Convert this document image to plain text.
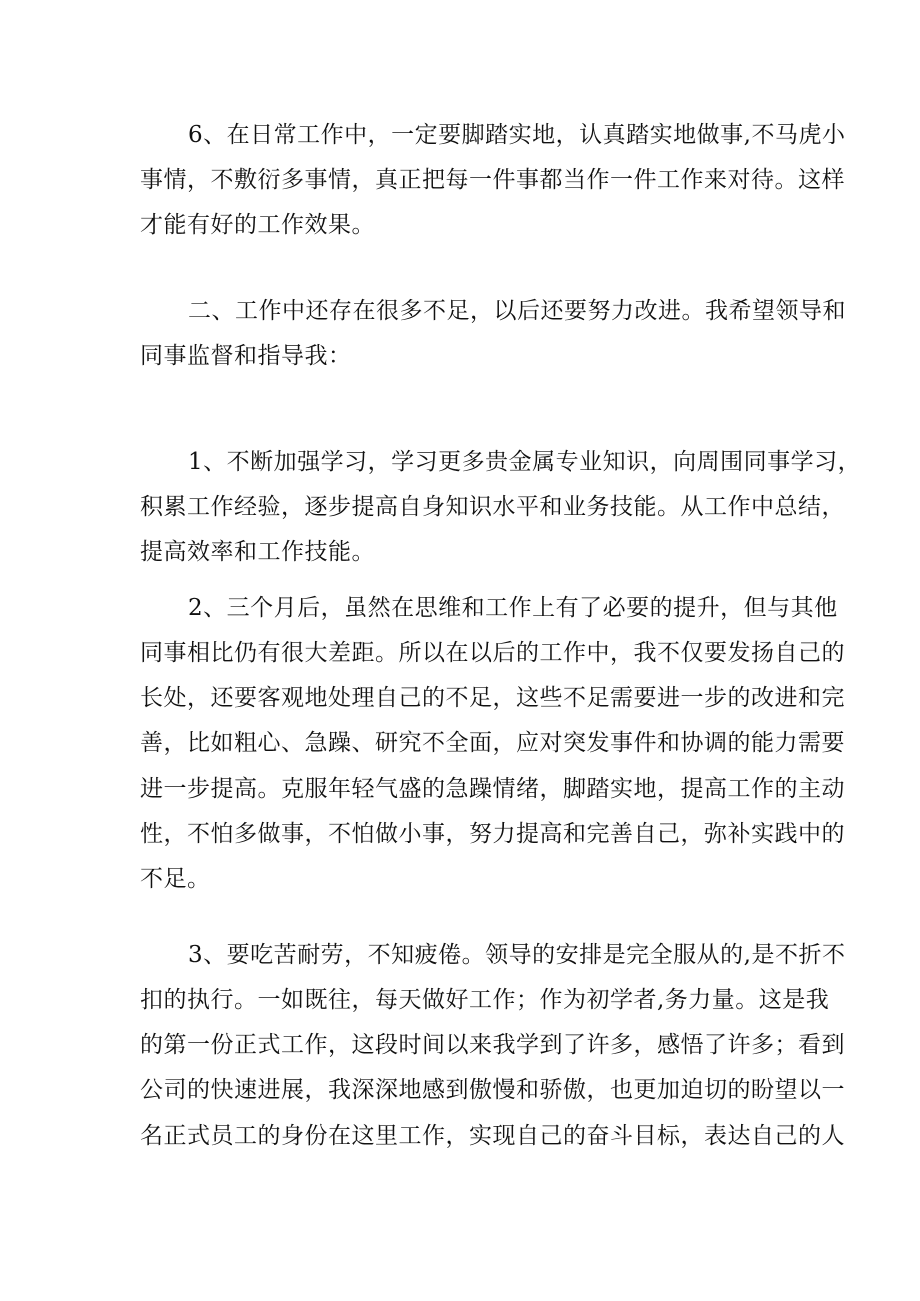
6、在日常工作中，一定要脚踏实地，认真踏实地做事,不马虎小
事情，不敷衍多事情，真正把每一件事都当作一件工作来对待。这样
才能有好的工作效果。
二、工作中还存在很多不足，以后还要努力改进。我希望领导和
同事监督和指导我：
1、不断加强学习，学习更多贵金属专业知识，向周围同事学习，
积累工作经验，逐步提高自身知识水平和业务技能。从工作中总结，
提高效率和工作技能。
2、三个月后，虽然在思维和工作上有了必要的提升，但与其他
同事相比仍有很大差距。所以在以后的工作中，我不仅要发扬自己的
长处，还要客观地处理自己的不足，这些不足需要进一步的改进和完
善，比如粗心、急躁、研究不全面，应对突发事件和协调的能力需要
进一步提高。克服年轻气盛的急躁情绪，脚踏实地，提高工作的主动
性，不怕多做事，不怕做小事，努力提高和完善自己，弥补实践中的
不足。
3、要吃苦耐劳，不知疲倦。领导的安排是完全服从的,是不折不
扣的执行。一如既往，每天做好工作；作为初学者,务力量。这是我
的第一份正式工作，这段时间以来我学到了许多，感悟了许多；看到
公司的快速进展，我深深地感到傲慢和骄傲，也更加迫切的盼望以一
名正式员工的身份在这里工作，实现自己的奋斗目标，表达自己的人
